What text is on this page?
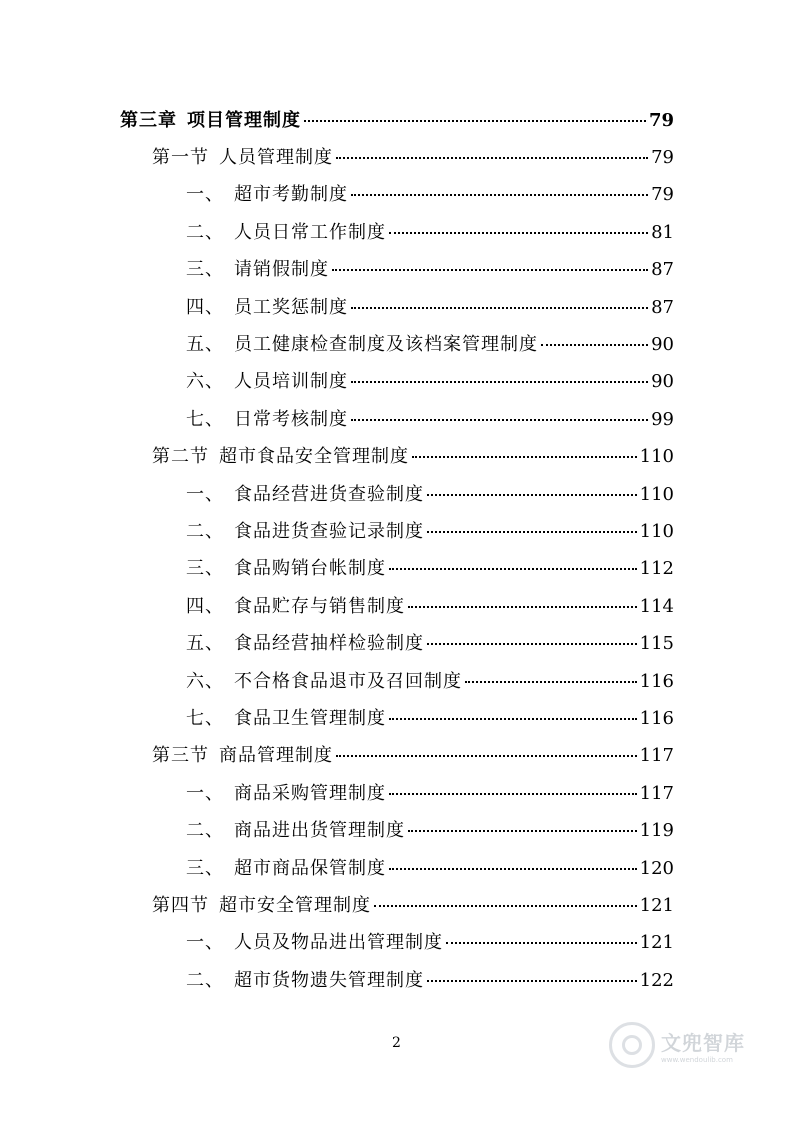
第三章 项目管理制度	79
第一节 人员管理制度	79
一、 超市考勤制度	79
二、 人员日常工作制度	81
三、 请销假制度	87
四、 员工奖惩制度	87
五、 员工健康检查制度及该档案管理制度	90
六、 人员培训制度	90
七、 日常考核制度	99
第二节 超市食品安全管理制度	110
一、 食品经营进货查验制度	110
二、 食品进货查验记录制度	110
三、 食品购销台帐制度	112
四、 食品贮存与销售制度	114
五、 食品经营抽样检验制度	115
六、 不合格食品退市及召回制度	116
七、 食品卫生管理制度	116
第三节 商品管理制度	117
一、 商品采购管理制度	117
二、 商品进出货管理制度	119
三、 超市商品保管制度	120
第四节 超市安全管理制度	121
一、 人员及物品进出管理制度	121
二、 超市货物遗失管理制度	122
2	文兜智库
www.wendoulib.com
